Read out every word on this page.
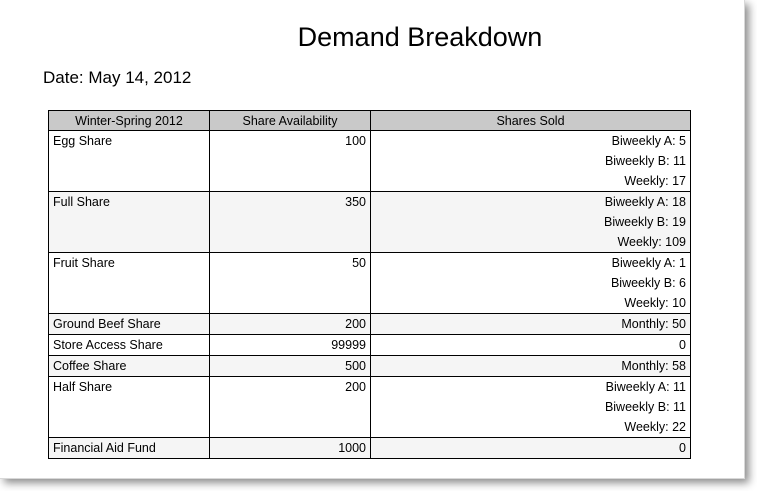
Demand Breakdown
Date: May 14, 2012
Winter-Spring 2012	Share Availability	Shares Sold
Egg Share	100	Biweekly A: 5
Biweekly B: 11
Weekly: 17

Full Share	350	Biweekly A: 18
Biweekly B: 19
Weekly: 109

Fruit Share	50	Biweekly A: 1
Biweekly B: 6
Weekly: 10

Ground Beef Share	200	Monthly: 50

Store Access Share	99999	0

Coffee Share	500	Monthly: 58

Half Share	200	Biweekly A: 11
Biweekly B: 11
Weekly: 22

Financial Aid Fund	1000	0
